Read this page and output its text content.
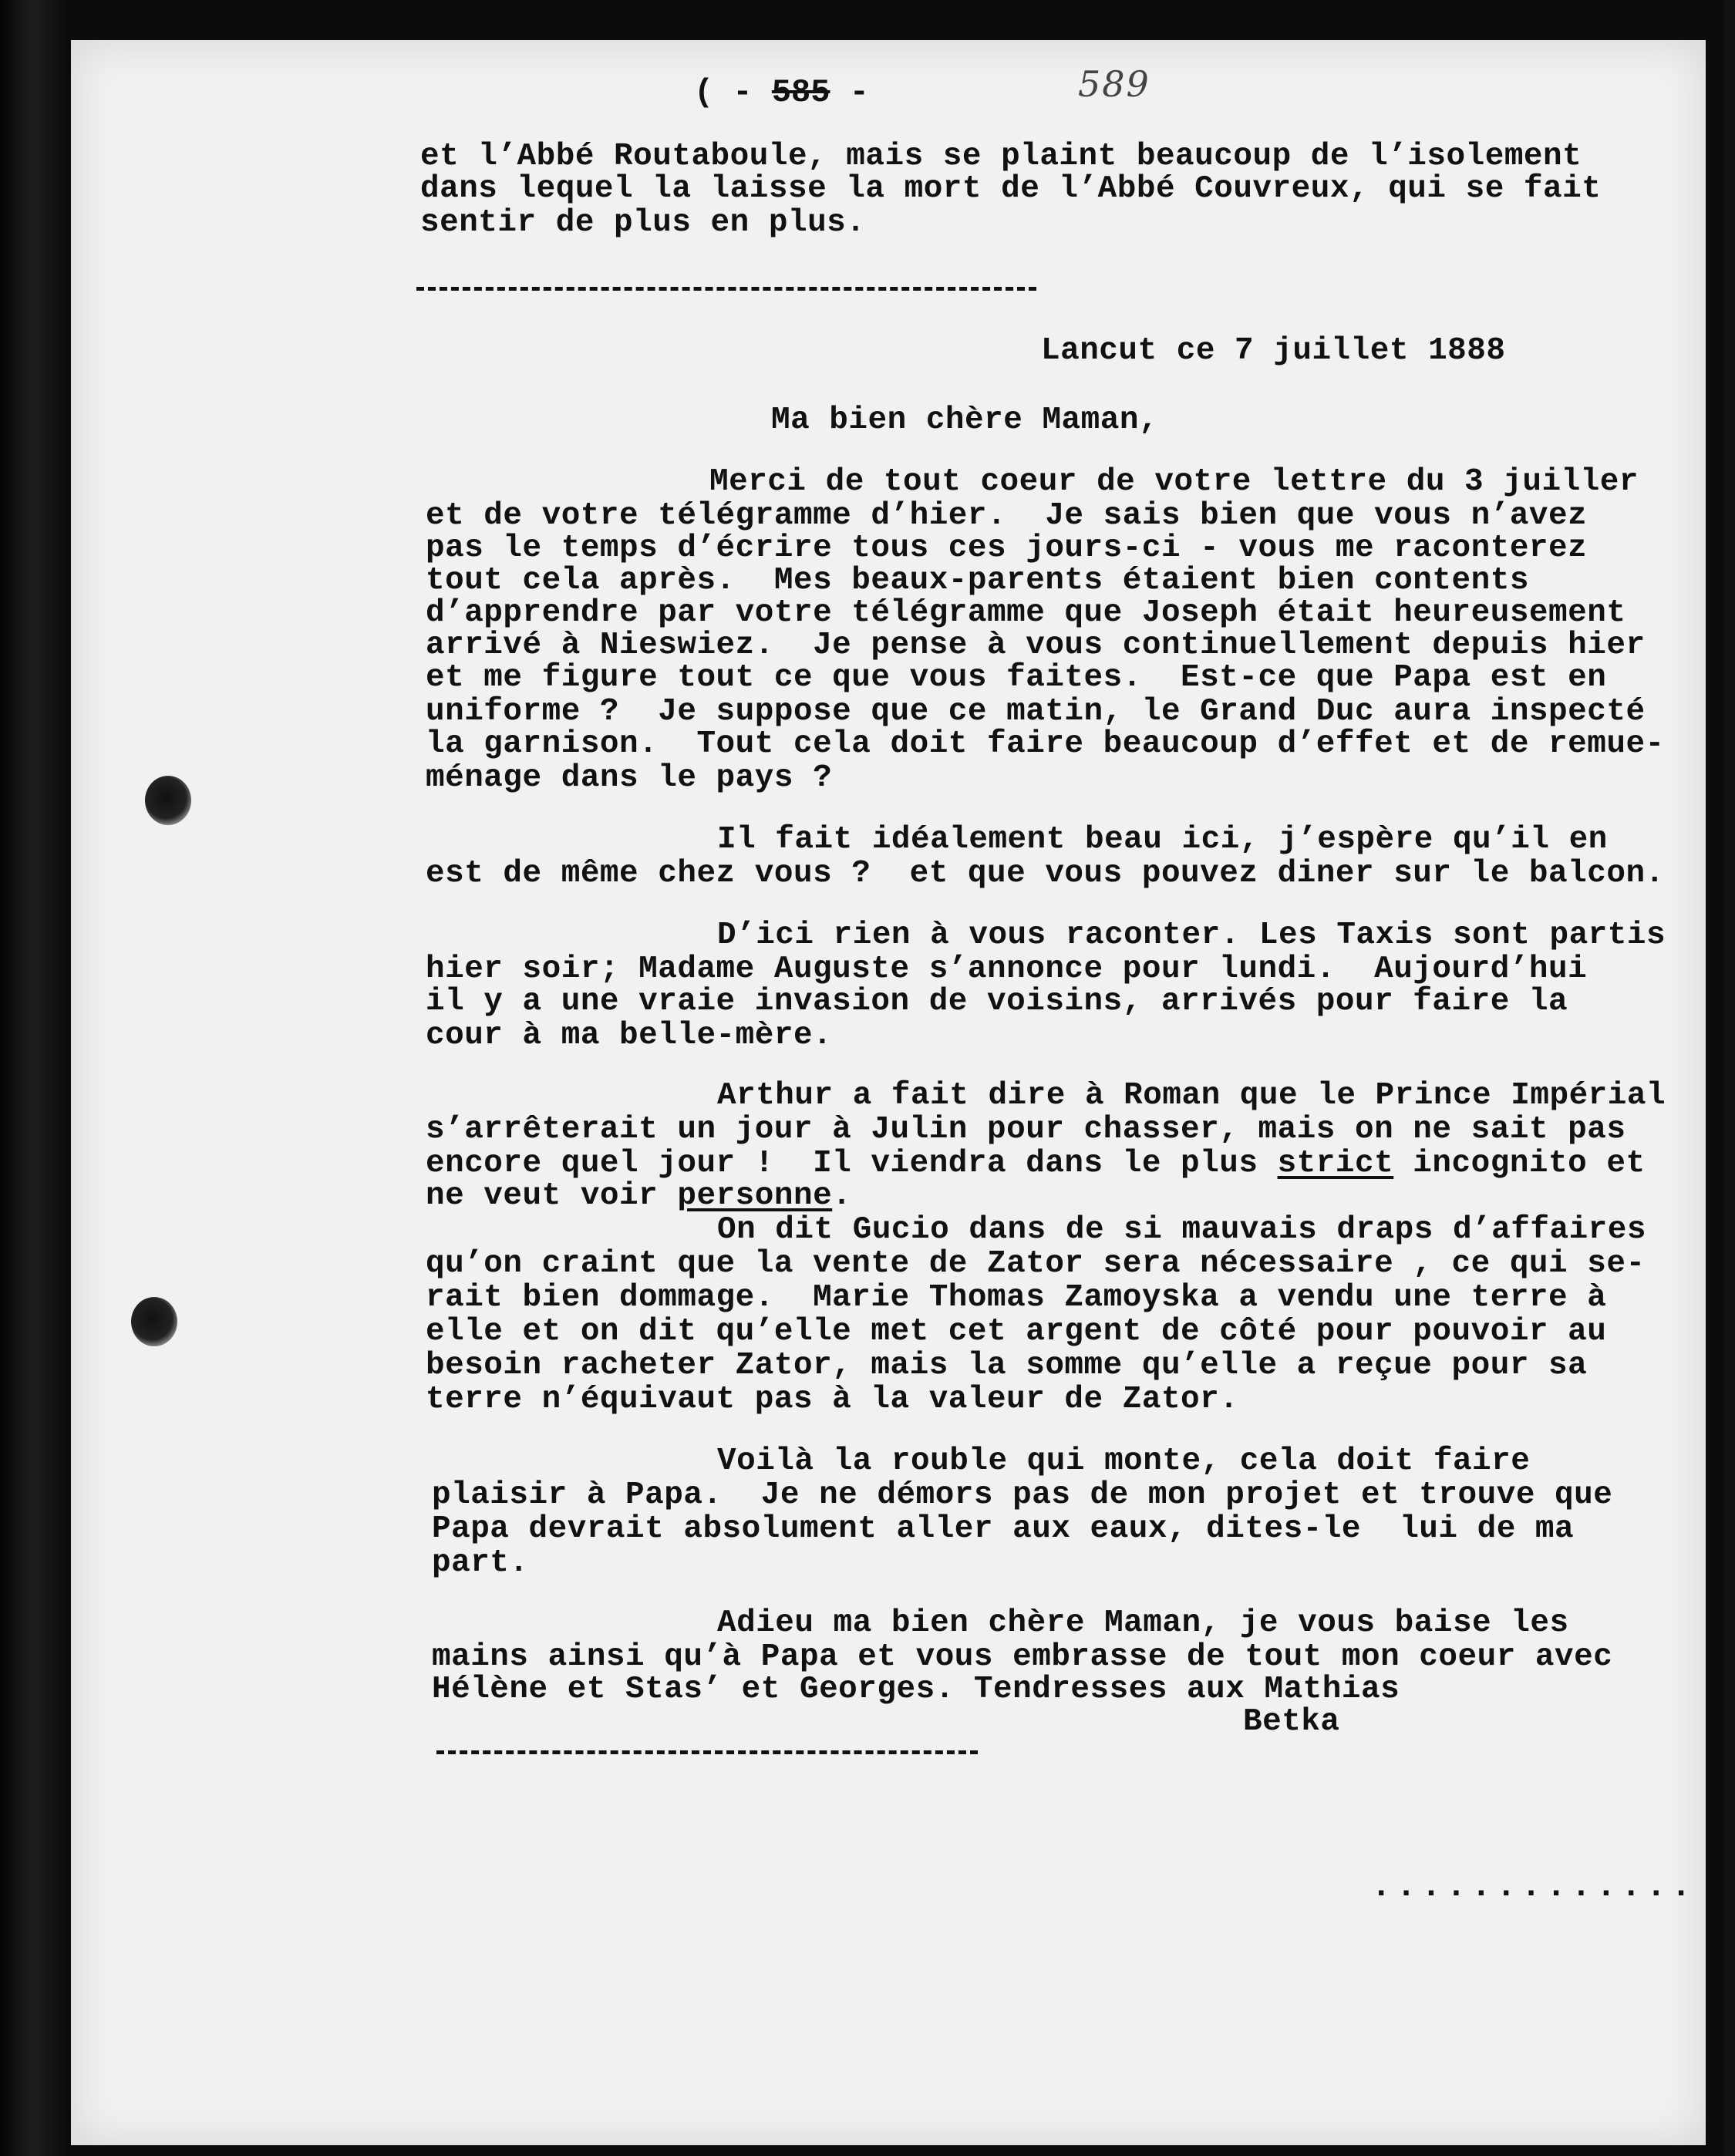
( - 585 -	589
et l’Abbé Routaboule, mais se plaint beaucoup de l’isolement
dans lequel la laisse la mort de l’Abbé Couvreux, qui se fait
sentir de plus en plus.
Lancut ce 7 juillet 1888
Ma bien chère Maman,
Merci de tout coeur de votre lettre du 3 juiller
et de votre télégramme d’hier.  Je sais bien que vous n’avez
pas le temps d’écrire tous ces jours-ci - vous me raconterez
tout cela après.  Mes beaux-parents étaient bien contents
d’apprendre par votre télégramme que Joseph était heureusement
arrivé à Nieswiez.  Je pense à vous continuellement depuis hier
et me figure tout ce que vous faites.  Est-ce que Papa est en
uniforme ?  Je suppose que ce matin, le Grand Duc aura inspecté
la garnison.  Tout cela doit faire beaucoup d’effet et de remue-
ménage dans le pays ?
Il fait idéalement beau ici, j’espère qu’il en
est de même chez vous ?  et que vous pouvez diner sur le balcon.
D’ici rien à vous raconter. Les Taxis sont partis
hier soir; Madame Auguste s’annonce pour lundi.  Aujourd’hui
il y a une vraie invasion de voisins, arrivés pour faire la
cour à ma belle-mère.
Arthur a fait dire à Roman que le Prince Impérial
s’arrêterait un jour à Julin pour chasser, mais on ne sait pas
encore quel jour !  Il viendra dans le plus strict incognito et
ne veut voir personne.
On dit Gucio dans de si mauvais draps d’affaires
qu’on craint que la vente de Zator sera nécessaire , ce qui se-
rait bien dommage.  Marie Thomas Zamoyska a vendu une terre à
elle et on dit qu’elle met cet argent de côté pour pouvoir au
besoin racheter Zator, mais la somme qu’elle a reçue pour sa
terre n’équivaut pas à la valeur de Zator.
Voilà la rouble qui monte, cela doit faire
plaisir à Papa.  Je ne démors pas de mon projet et trouve que
Papa devrait absolument aller aux eaux, dites-le  lui de ma
part.
Adieu ma bien chère Maman, je vous baise les
mains ainsi qu’à Papa et vous embrasse de tout mon coeur avec
Hélène et Stas’ et Georges. Tendresses aux Mathias
Betka
.............
